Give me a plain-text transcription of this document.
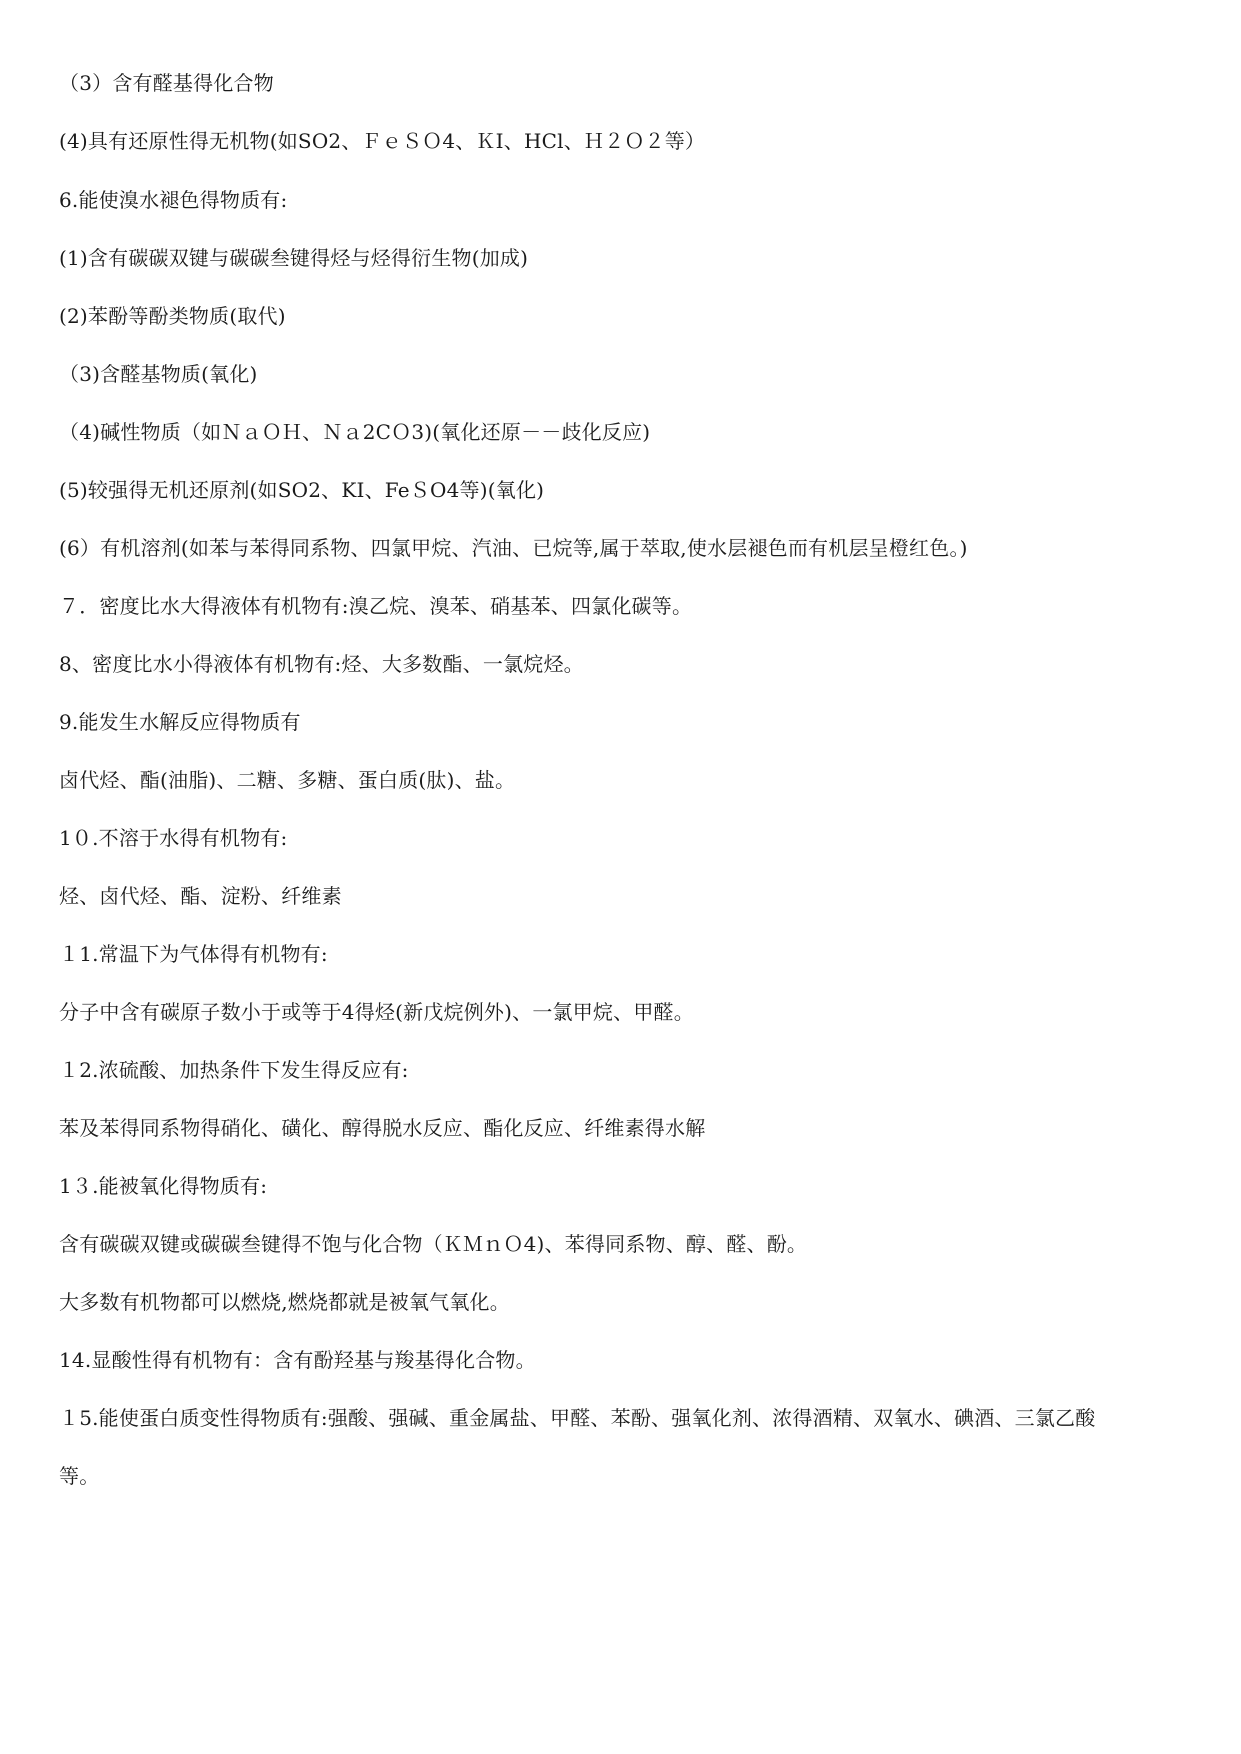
（3）含有醛基得化合物
(4)具有还原性得无机物(如SO2、ＦｅＳＯ4、ＫI、HCl、Ｈ２Ｏ２等）
6.能使溴水褪色得物质有:
(1)含有碳碳双键与碳碳叁键得烃与烃得衍生物(加成)
(2)苯酚等酚类物质(取代)
（3)含醛基物质(氧化)
（4)碱性物质（如ＮａＯＨ、Ｎａ2CＯ3)(氧化还原－－歧化反应)
(5)较强得无机还原剂(如SO2、KI、FeＳO4等)(氧化)
(6）有机溶剂(如苯与苯得同系物、四氯甲烷、汽油、已烷等,属于萃取,使水层褪色而有机层呈橙红色。)
７．密度比水大得液体有机物有:溴乙烷、溴苯、硝基苯、四氯化碳等。
8、密度比水小得液体有机物有:烃、大多数酯、一氯烷烃。
9.能发生水解反应得物质有
卤代烃、酯(油脂)、二糖、多糖、蛋白质(肽)、盐。
1０.不溶于水得有机物有:
烃、卤代烃、酯、淀粉、纤维素
１1.常温下为气体得有机物有:
分子中含有碳原子数小于或等于4得烃(新戊烷例外)、一氯甲烷、甲醛。
１2.浓硫酸、加热条件下发生得反应有:
苯及苯得同系物得硝化、磺化、醇得脱水反应、酯化反应、纤维素得水解
1３.能被氧化得物质有:
含有碳碳双键或碳碳叁键得不饱与化合物（ＫＭｎＯ4)、苯得同系物、醇、醛、酚。
大多数有机物都可以燃烧,燃烧都就是被氧气氧化。
14.显酸性得有机物有：含有酚羟基与羧基得化合物。
１5.能使蛋白质变性得物质有:强酸、强碱、重金属盐、甲醛、苯酚、强氧化剂、浓得酒精、双氧水、碘酒、三氯乙酸
等。
